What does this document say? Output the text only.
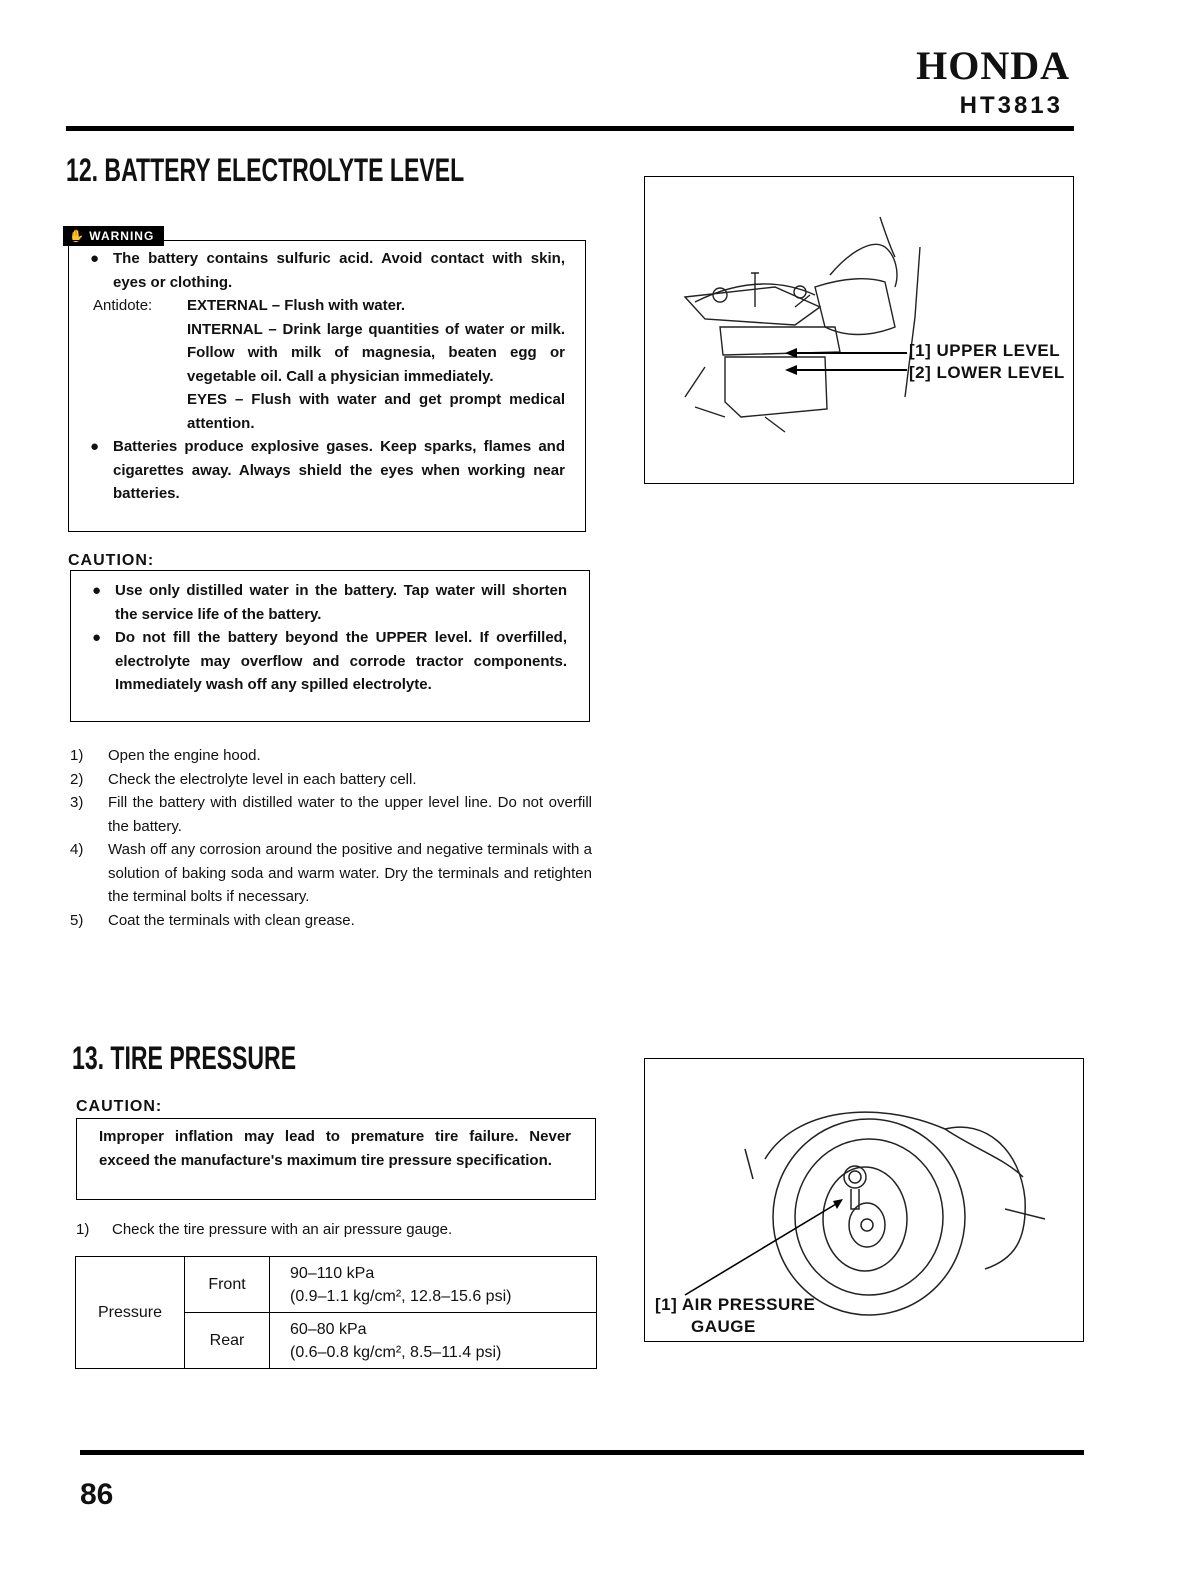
HONDA
HT3813
12. BATTERY ELECTROLYTE LEVEL
✋ WARNING
● The battery contains sulfuric acid. Avoid contact with skin, eyes or clothing.
Antidote: EXTERNAL – Flush with water.
INTERNAL – Drink large quantities of water or milk. Follow with milk of magnesia, beaten egg or vegetable oil. Call a physician immediately.
EYES – Flush with water and get prompt medical attention.
● Batteries produce explosive gases. Keep sparks, flames and cigarettes away. Always shield the eyes when working near batteries.
CAUTION:
● Use only distilled water in the battery. Tap water will shorten the service life of the battery.
● Do not fill the battery beyond the UPPER level. If overfilled, electrolyte may overflow and corrode tractor components. Immediately wash off any spilled electrolyte.
1) Open the engine hood.
2) Check the electrolyte level in each battery cell.
3) Fill the battery with distilled water to the upper level line. Do not overfill the battery.
4) Wash off any corrosion around the positive and negative terminals with a solution of baking soda and warm water. Dry the terminals and retighten the terminal bolts if necessary.
5) Coat the terminals with clean grease.
[1] UPPER LEVEL
[2] LOWER LEVEL
13. TIRE PRESSURE
CAUTION:
Improper inflation may lead to premature tire failure. Never exceed the manufacture's maximum tire pressure specification.
1) Check the tire pressure with an air pressure gauge.
Pressure	Front	90–110 kPa
(0.9–1.1 kg/cm², 12.8–15.6 psi)

	Rear	60–80 kPa
(0.6–0.8 kg/cm², 8.5–11.4 psi)
[1] AIR PRESSURE
GAUGE
86
